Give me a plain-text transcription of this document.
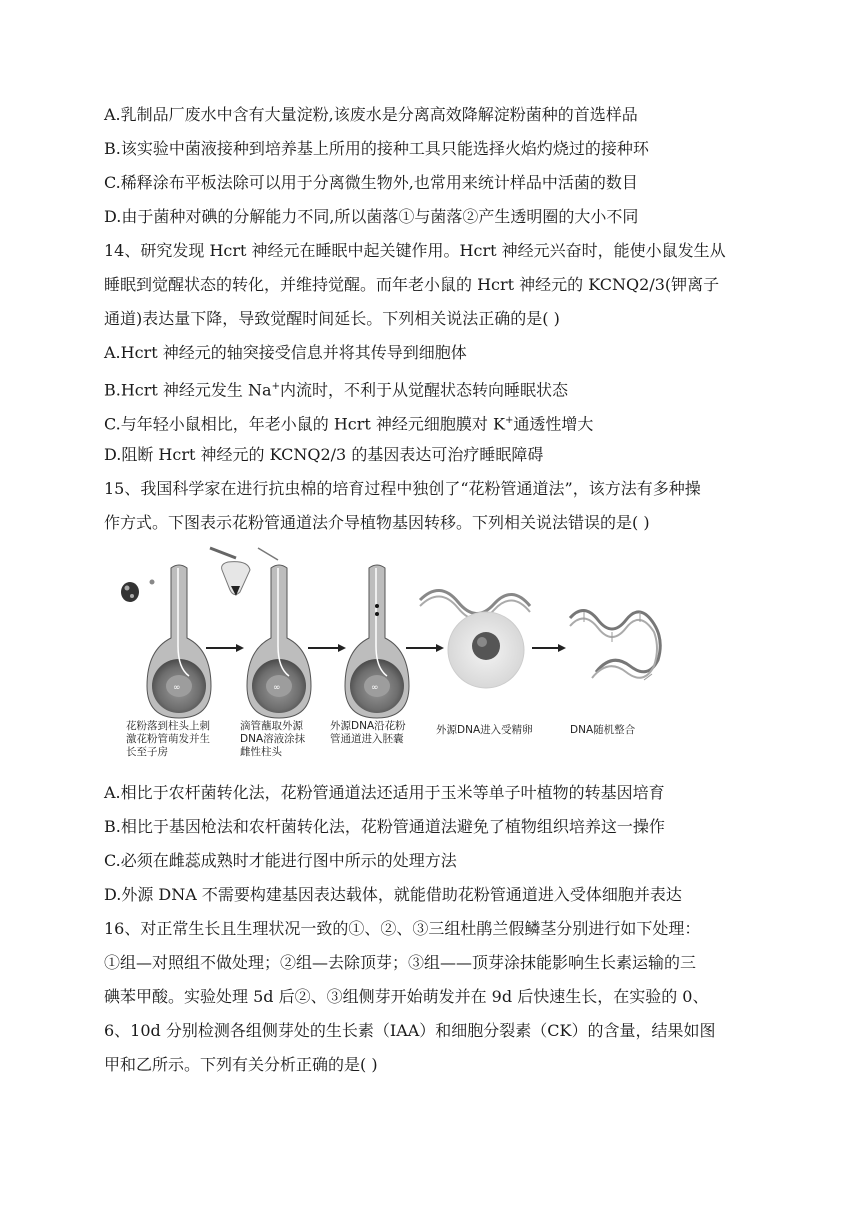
A.乳制品厂废水中含有大量淀粉,该废水是分离高效降解淀粉菌种的首选样品
B.该实验中菌液接种到培养基上所用的接种工具只能选择火焰灼烧过的接种环
C.稀释涂布平板法除可以用于分离微生物外,也常用来统计样品中活菌的数目
D.由于菌种对碘的分解能力不同,所以菌落①与菌落②产生透明圈的大小不同
14、研究发现 Hcrt 神经元在睡眠中起关键作用。Hcrt 神经元兴奋时，能使小鼠发生从
睡眠到觉醒状态的转化，并维持觉醒。而年老小鼠的 Hcrt 神经元的 KCNQ2/3(钾离子
通道)表达量下降，导致觉醒时间延长。下列相关说法正确的是( )
A.Hcrt 神经元的轴突接受信息并将其传导到细胞体
B.Hcrt 神经元发生 Na+内流时，不利于从觉醒状态转向睡眠状态
C.与年轻小鼠相比，年老小鼠的 Hcrt 神经元细胞膜对 K+通透性增大
D.阻断 Hcrt 神经元的 KCNQ2/3 的基因表达可治疗睡眠障碍
15、我国科学家在进行抗虫棉的培育过程中独创了“花粉管通道法”，该方法有多种操
作方式。下图表示花粉管通道法介导植物基因转移。下列相关说法错误的是( )
∞	∞	∞
花粉落到柱头上刺
激花粉管萌发并生
长至子房
滴管蘸取外源
DNA溶液涂抹
雌性柱头
外源DNA沿花粉
管通道进入胚囊
外源DNA进入受精卵	DNA随机整合
A.相比于农杆菌转化法，花粉管通道法还适用于玉米等单子叶植物的转基因培育
B.相比于基因枪法和农杆菌转化法，花粉管通道法避免了植物组织培养这一操作
C.必须在雌蕊成熟时才能进行图中所示的处理方法
D.外源 DNA 不需要构建基因表达载体，就能借助花粉管通道进入受体细胞并表达
16、对正常生长且生理状况一致的①、②、③三组杜鹃兰假鳞茎分别进行如下处理：
①组—对照组不做处理；②组—去除顶芽；③组——顶芽涂抹能影响生长素运输的三
碘苯甲酸。实验处理 5d 后②、③组侧芽开始萌发并在 9d 后快速生长，在实验的 0、
6、10d 分别检测各组侧芽处的生长素（IAA）和细胞分裂素（CK）的含量，结果如图
甲和乙所示。下列有关分析正确的是( )
